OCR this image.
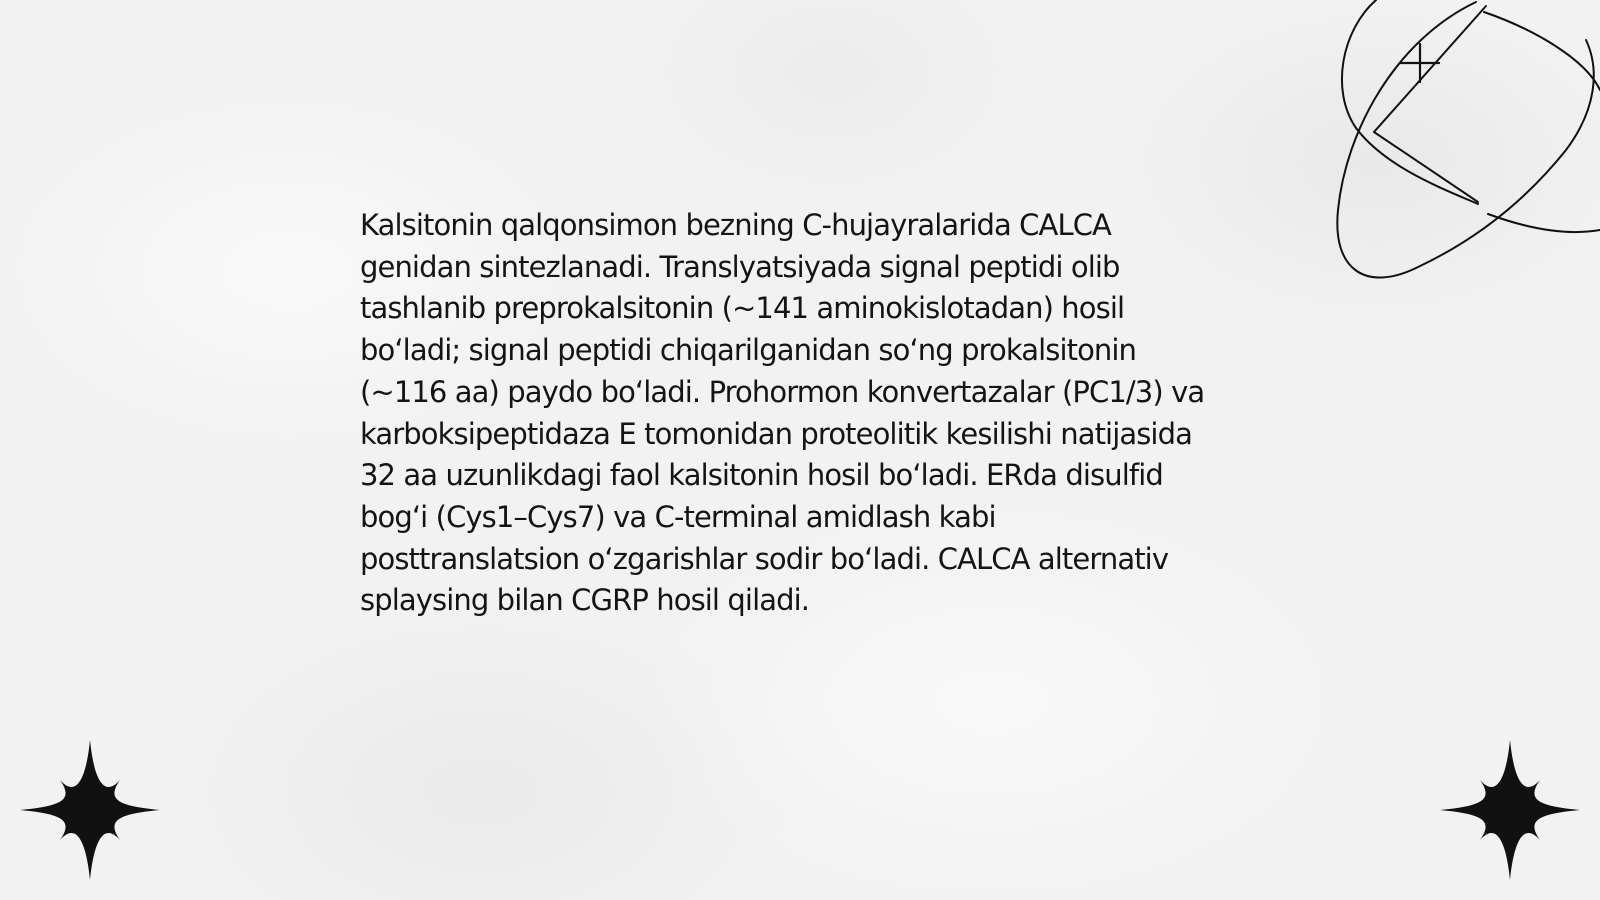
Kalsitonin qalqonsimon bezning C-hujayralarida CALCA genidan sintezlanadi. Translyatsiyada signal peptidi olib tashlanib preprokalsitonin (~141 aminokislotadan) hosil boʻladi; signal peptidi chiqarilganidan soʻng prokalsitonin (~116 aa) paydo boʻladi. Prohormon konvertazalar (PC1/3) va karboksipeptidaza E tomonidan proteolitik kesilishi natijasida 32 aa uzunlikdagi faol kalsitonin hosil boʻladi. ERda disulfid bogʻi (Cys1–Cys7) va C-terminal amidlash kabi posttranslatsion oʻzgarishlar sodir boʻladi. CALCA alternativ splaysing bilan CGRP hosil qiladi.
